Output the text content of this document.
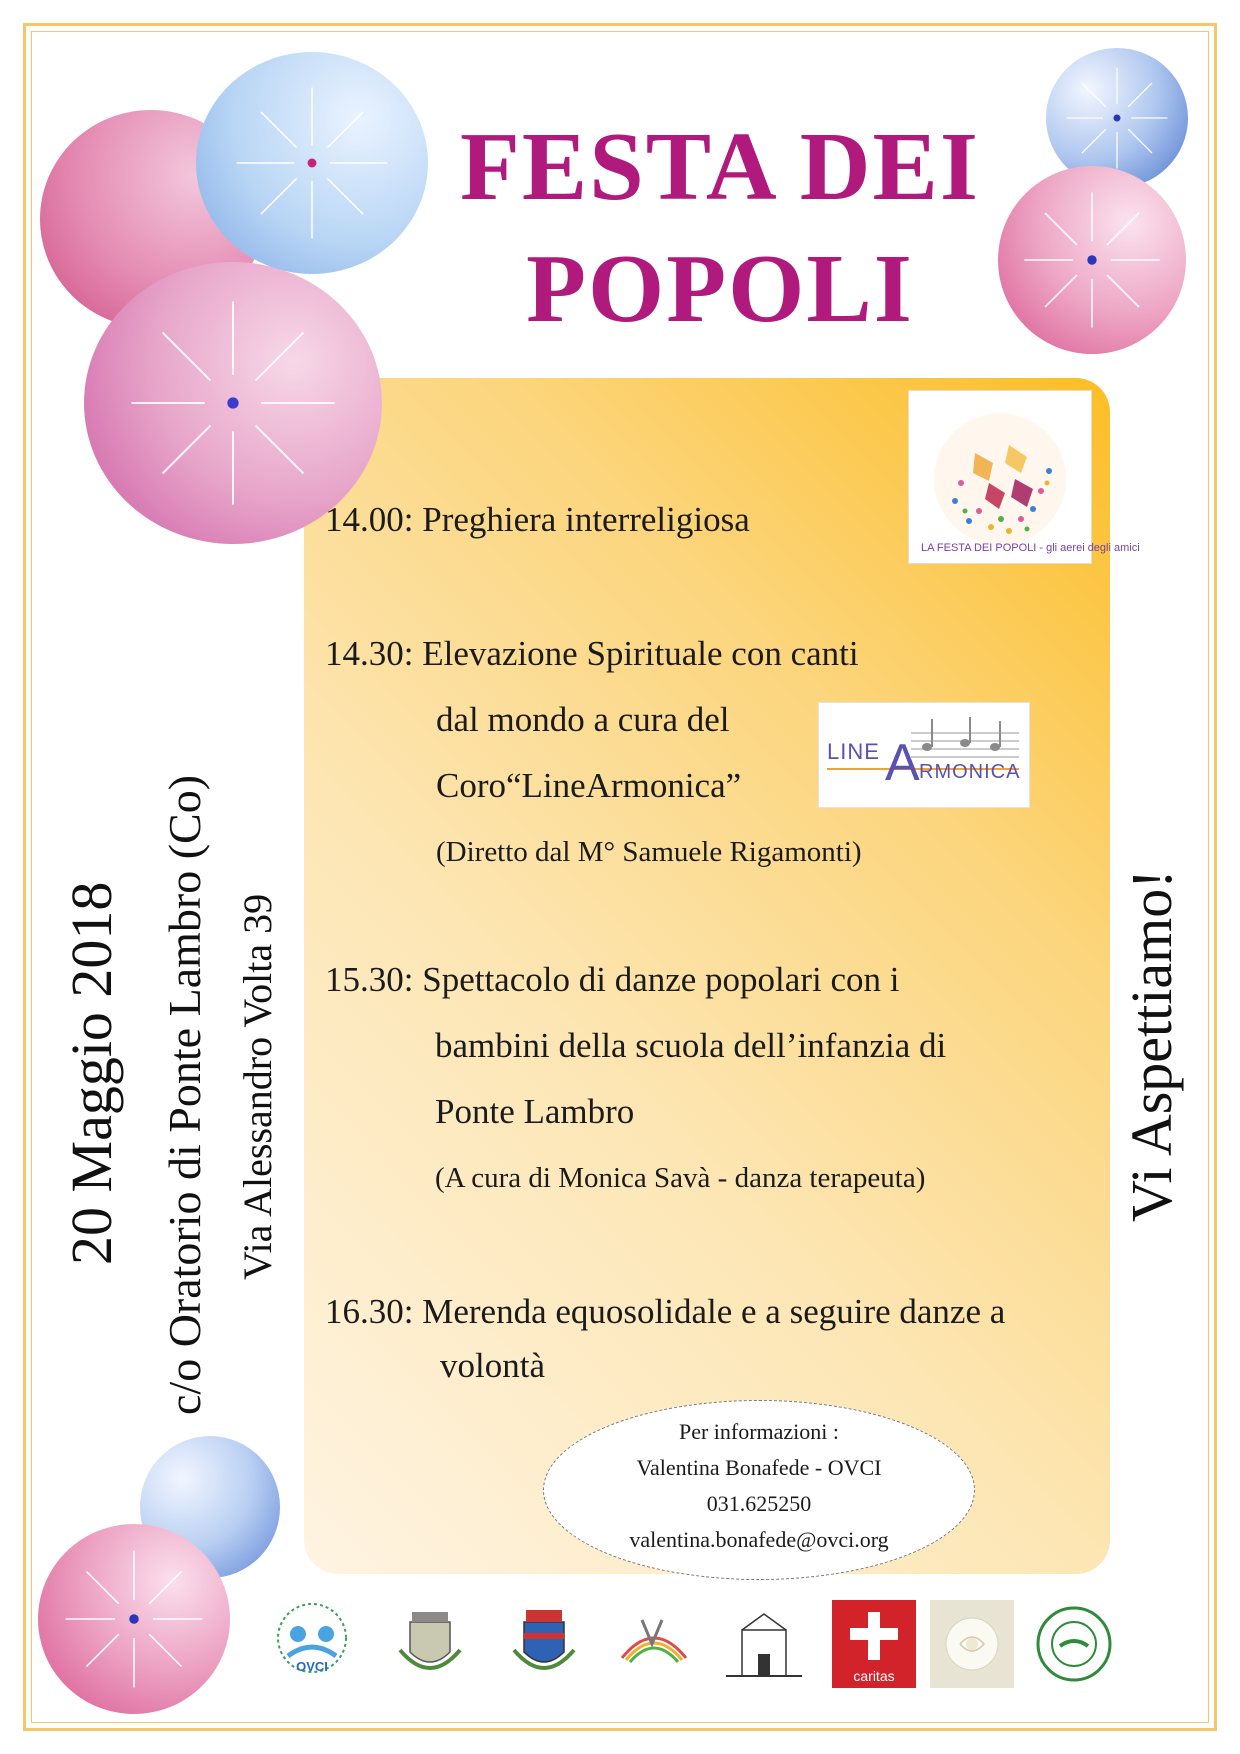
FESTA DEI
POPOLI
20 Maggio 2018 c/o Oratorio di Ponte Lambro (Co) Via Alessandro Volta 39	Vi Aspettiamo!
LA FESTA DEI POPOLI - gli aerei degli amici
LINE A RMONICA
14.00: Preghiera interreligiosa
14.30: Elevazione Spirituale con canti
dal mondo a cura del
Coro“LineArmonica”
(Diretto dal M° Samuele Rigamonti)
15.30: Spettacolo di danze popolari con i
bambini della scuola dell’infanzia di
Ponte Lambro
(A cura di Monica Savà - danza terapeuta)
16.30: Merenda equosolidale e a seguire danze a
volontà
Per informazioni :
Valentina Bonafede - OVCI
031.625250
valentina.bonafede@ovci.org
OVCI
caritas
